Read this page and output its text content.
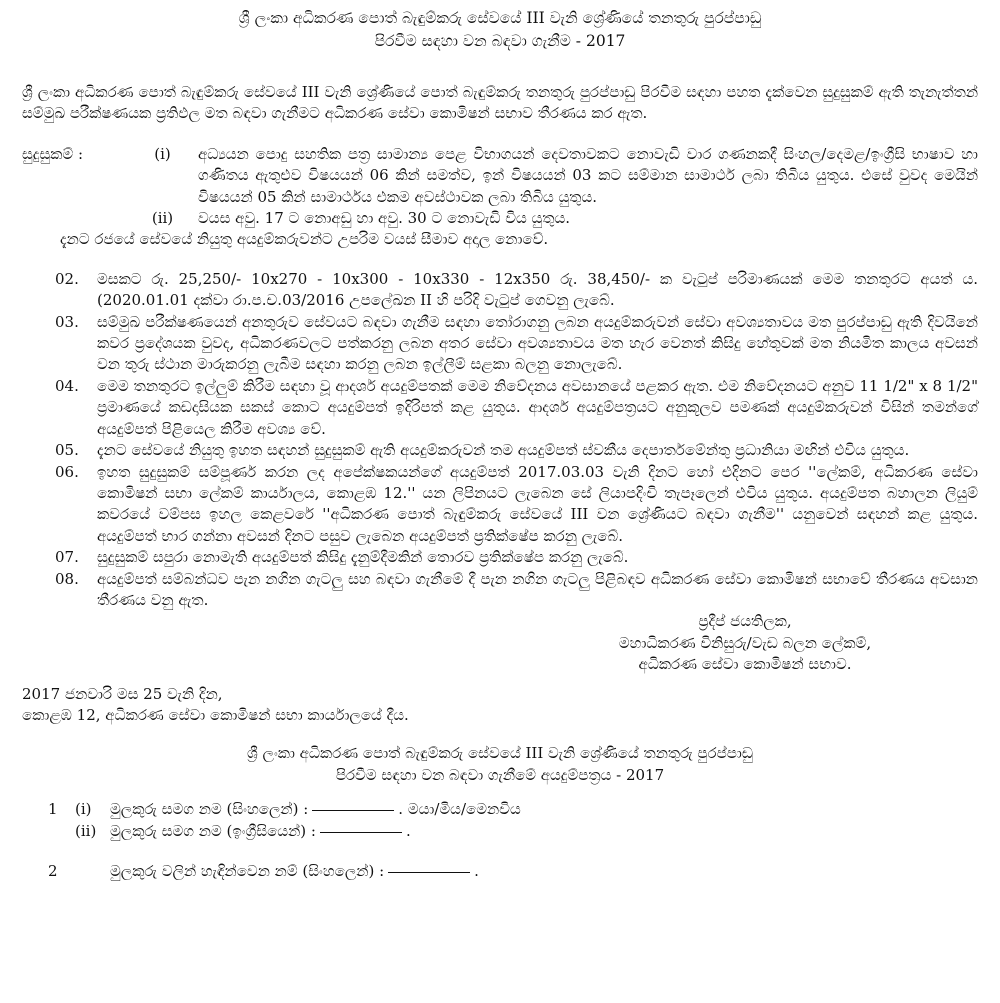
ශ්‍රී ලංකා අධිකරණ පොත් බැඳුම්කරු සේවයේ III වැනි ශ්‍රේණියේ තනතුරු පුරප්පාඩු
පිරවීම සඳහා වන බඳවා ගැනීම - 2017
ශ්‍රී ලංකා අධිකරණ පොත් බැඳුම්කරු සේවයේ III වැනි ශ්‍රේණියේ පොත් බැඳුම්කරු තනතුරු පුරප්පාඩු පිරවීම සඳහා පහත දැක්වෙන සුදුසුකම් ඇති තැනැත්තන් සම්මුඛ පරීක්ෂණයක ප්‍රතිඵල මත බඳවා ගැනීමට අධිකරණ සේවා කොමිෂන් සභාව තීරණය කර ඇත.
සුදුසුකම් :	(i)	අධ්‍යයන පොදු සහතික පත්‍ර සාමාන්‍ය පෙළ විභාගයන් දෙවතාවකට නොවැඩි වාර ගණනකදී සිංහල/දෙමළ/ඉංග්‍රීසි භාෂාව හා ගණිතය ඇතුළුව විෂයයන් 06 කින් සමත්ව, ඉන් විෂයයන් 03 කට සම්මාන සාමාර්ථ ලබා තිබිය යුතුය. එසේ වුවද මෙයින් විෂයයන් 05 කින් සාමාර්ථය එකම අවස්ථාවක ලබා තිබිය යුතුය.
(ii)	වයස අවු. 17 ට නොඅඩු හා අවු. 30 ට නොවැඩි විය යුතුය.
දැනට රජයේ සේවයේ නියුතු අයදුම්කරුවන්ට උපරිම වයස් සීමාව අදාල නොවේ.
02.	මසකට රු. 25,250/- 10x270 - 10x300 - 10x330 - 12x350 රු. 38,450/- ක වැටුප් පරිමාණයක් මෙම තනතුරට අයත් ය. (2020.01.01 දක්වා රා.ප.ච.03/2016 උපලේඛන II හි පරිදි වැටුප් ගෙවනු ලැබේ.
03.	සම්මුඛ පරීක්ෂණයෙන් අනතුරුව සේවයට බඳවා ගැනීම සඳහා තෝරාගනු ලබන අයදුම්කරුවන් සේවා අවශ්‍යතාවය මත පුරප්පාඩු ඇති දිවයිනේ කවර ප්‍රදේශයක වුවද, අධිකරණවලට පත්කරනු ලබන අතර සේවා අවශ්‍යතාවය මත හැර වෙනත් කිසිදු හේතුවක් මත නියමිත කාලය අවසන් වන තුරු ස්ථාන මාරුකරනු ලැබීම සඳහා කරනු ලබන ඉල්ලීම් සළකා බලනු නොලැබේ.
04.	මෙම තනතුරට ඉල්ලුම් කිරීම සඳහා වූ ආදර්ශ අයදුම්පතක් මෙම නිවේදනය අවසානයේ පළකර ඇත. එම නිවේදනයට අනුව 11 1/2" x 8 1/2" ප්‍රමාණයේ කඩදාසියක සකස් කොට අයදුම්පත් ඉදිරිපත් කළ යුතුය. ආදර්ශ අයදුම්පත්‍රයට අනුකූලව පමණක් අයදුම්කරුවන් විසින් තමන්ගේ අයදුම්පත් පිළියෙල කිරීම අවශ්‍ය වේ.
05.	දැනට සේවයේ නියුතු ඉහත සඳහන් සුදුසුකම් ඇති අයදුම්කරුවන් තම අයදුම්පත් ස්වකීය දෙපාර්තමේන්තු ප්‍රධානියා මඟින් එවිය යුතුය.
06.	ඉහත සුදුසුකම් සම්පූර්ණ කරන ලද අපේක්ෂකයන්ගේ අයදුම්පත් 2017.03.03 වැනි දිනට හෝ එදිනට පෙර ''ලේකම්, අධිකරණ සේවා කොමිෂන් සභා ලේකම් කාර්යාලය, කොළඹ 12.'' යන ලිපිනයට ලැබෙන සේ ලියාපදිංචි තැපෑලෙන් එවිය යුතුය. අයදුම්පත බහාලන ලියුම් කවරයේ වම්පස ඉහල කෙළවරේ ''අධිකරණ පොත් බැඳුම්කරු සේවයේ III වන ශ්‍රේණියට බඳවා ගැනීම'' යනුවෙන් සඳහන් කළ යුතුය. අයදුම්පත් භාර ගන්නා අවසන් දිනට පසුව ලැබෙන අයදුම්පත් ප්‍රතික්ෂේප කරනු ලැබේ.
07.	සුදුසුකම් සපුරා නොමැති අයදුම්පත් කිසිදු දැනුම්දීමකින් තොරව ප්‍රතික්ෂේප කරනු ලැබේ.
08.	අයදුම්පත් සම්බන්ධව පැන නගින ගැටලු සහ බඳවා ගැනීමේ දී පැන නගින ගැටලු පිළිබඳව අධිකරණ සේවා කොමිෂන් සභාවේ තීරණය අවසාන තීරණය වනු ඇත.
ප්‍රදීප් ජයතිලක,
මහාධිකරණ විනිසුරු/වැඩ බලන ලේකම්,
අධිකරණ සේවා කොමිෂන් සභාව.
2017 ජනවාරි මස 25 වැනි දින,
කොළඹ 12, අධිකරණ සේවා කොමිෂන් සභා කාර්යාලයේ දීය.
ශ්‍රී ලංකා අධිකරණ පොත් බැඳුම්කරු සේවයේ III වැනි ශ්‍රේණියේ තනතුරු පුරප්පාඩු
පිරවීම සඳහා වන බඳවා ගැනීමේ අයදුම්පත්‍රය - 2017
1	(i)	මුලකුරු සමග නම (සිංහලෙන්) :	. මයා/මිය/මෙනවිය
(ii) මුලකුරු සමග නම (ඉංග්‍රීසියෙන්) :	.
2	මුලකුරු වලින් හැඳින්වෙන නම් (සිංහලෙන්) :	.
